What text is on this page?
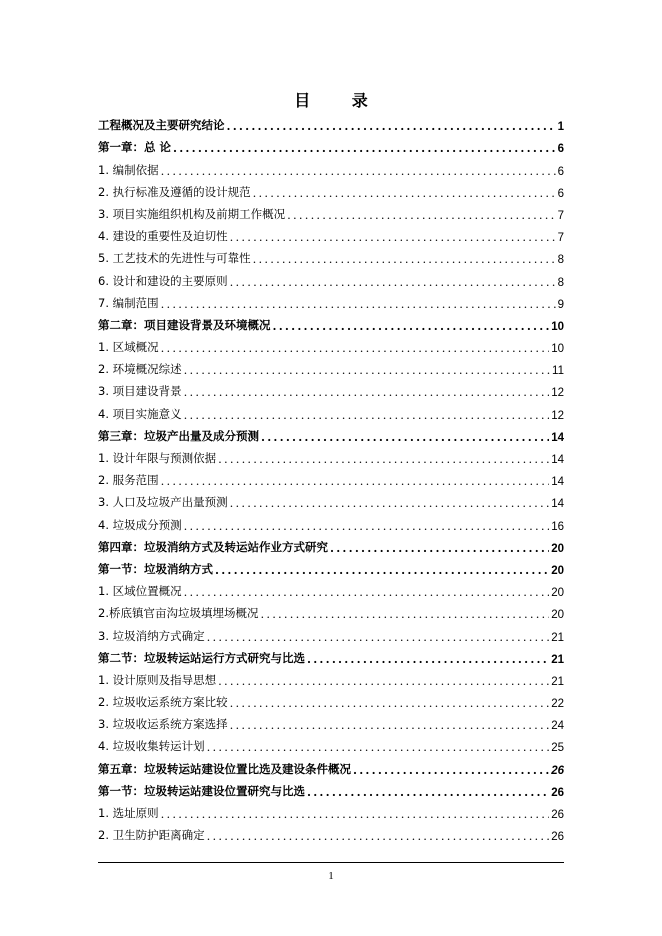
目 录
工程概况及主要研究结论 .....	1
第一章：总 论 .....	6
1. 编制依据 .....	6
2. 执行标准及遵循的设计规范 .....	6
3. 项目实施组织机构及前期工作概况 .....	7
4. 建设的重要性及迫切性 .....	7
5. 工艺技术的先进性与可靠性 .....	8
6. 设计和建设的主要原则 .....	8
7. 编制范围 .....	9
第二章：项目建设背景及环境概况 .....	10
1. 区域概况 .....	10
2. 环境概况综述 .....	11
3. 项目建设背景 .....	12
4. 项目实施意义 .....	12
第三章：垃圾产出量及成分预测 .....	14
1. 设计年限与预测依据 .....	14
2. 服务范围 .....	14
3. 人口及垃圾产出量预测 .....	14
4. 垃圾成分预测 .....	16
第四章：垃圾消纳方式及转运站作业方式研究 .....	20
第一节：垃圾消纳方式 .....	20
1. 区域位置概况 .....	20
2.桥底镇官亩沟垃圾填埋场概况 .....	20
3. 垃圾消纳方式确定 .....	21
第二节：垃圾转运站运行方式研究与比选 .....	21
1. 设计原则及指导思想 .....	21
2. 垃圾收运系统方案比较 .....	22
3. 垃圾收运系统方案选择 .....	24
4. 垃圾收集转运计划 .....	25
第五章：垃圾转运站建设位置比选及建设条件概况 .....	26
第一节：垃圾转运站建设位置研究与比选 .....	26
1. 选址原则 .....	26
2. 卫生防护距离确定 .....	26
1
